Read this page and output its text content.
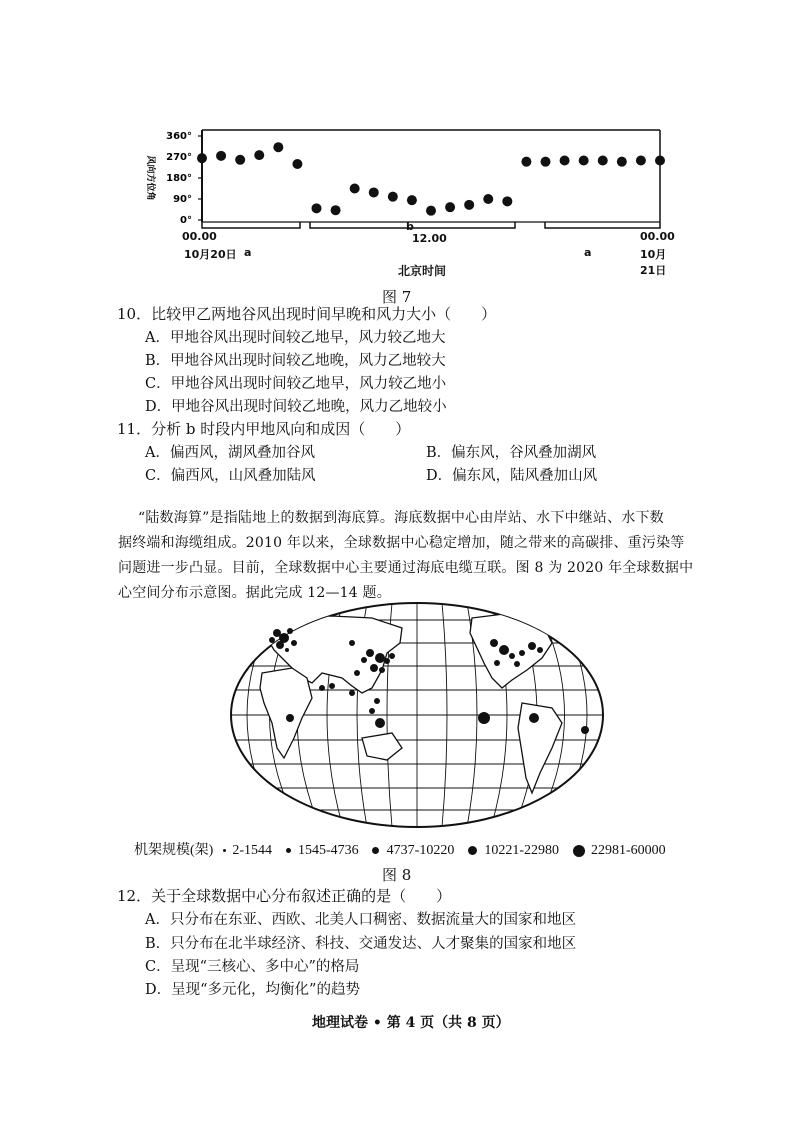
360°
270°
180°
90°
0°
风向方位角
00.00
10月20日 a
b
12.00
a
00.00
10月21日
北京时间
图 7
10．比较甲乙两地谷风出现时间早晚和风力大小（　　）
A．甲地谷风出现时间较乙地早，风力较乙地大
B．甲地谷风出现时间较乙地晚，风力乙地较大
C．甲地谷风出现时间较乙地早，风力较乙地小
D．甲地谷风出现时间较乙地晚，风力乙地较小
11．分析 b 时段内甲地风向和成因（　　）
A．偏西风，湖风叠加谷风	B．偏东风，谷风叠加湖风
C．偏西风，山风叠加陆风	D．偏东风，陆风叠加山风
“陆数海算”是指陆地上的数据到海底算。海底数据中心由岸站、水下中继站、水下数
据终端和海缆组成。2010 年以来，全球数据中心稳定增加，随之带来的高碳排、重污染等
问题进一步凸显。目前，全球数据中心主要通过海底电缆互联。图 8 为 2020 年全球数据中
心空间分布示意图。据此完成 12—14 题。
机架规模(架) 2-1544 1545-4736 4737-10220 10221-22980 22981-60000
图 8
12．关于全球数据中心分布叙述正确的是（　　）
A．只分布在东亚、西欧、北美人口稠密、数据流量大的国家和地区
B．只分布在北半球经济、科技、交通发达、人才聚集的国家和地区
C．呈现“三核心、多中心”的格局
D．呈现“多元化，均衡化”的趋势
地理试卷 • 第 4 页（共 8 页）
